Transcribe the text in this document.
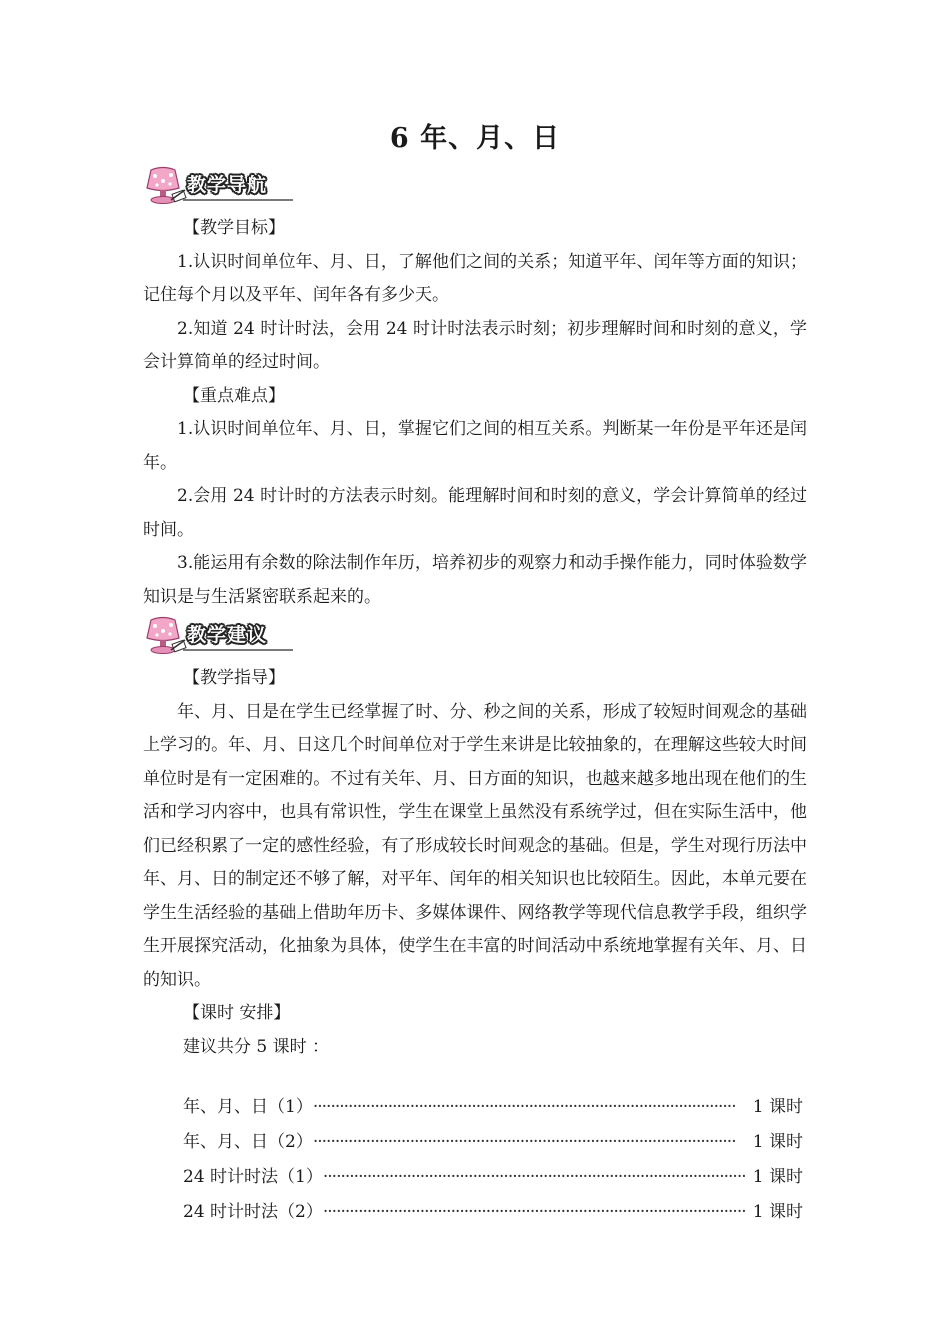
6 年、月、日
教学导航

【教学目标】

1.认识时间单位年、月、日，了解他们之间的关系；知道平年、闰年等方面的知识；记住每个月以及平年、闰年各有多少天。

2.知道 24 时计时法，会用 24 时计时法表示时刻；初步理解时间和时刻的意义，学会计算简单的经过时间。

【重点难点】

1.认识时间单位年、月、日，掌握它们之间的相互关系。判断某一年份是平年还是闰年。

2.会用 24 时计时的方法表示时刻。能理解时间和时刻的意义，学会计算简单的经过时间。

3.能运用有余数的除法制作年历，培养初步的观察力和动手操作能力，同时体验数学知识是与生活紧密联系起来的。

教学建议

【教学指导】

年、月、日是在学生已经掌握了时、分、秒之间的关系，形成了较短时间观念的基础上学习的。年、月、日这几个时间单位对于学生来讲是比较抽象的，在理解这些较大时间单位时是有一定困难的。不过有关年、月、日方面的知识，也越来越多地出现在他们的生活和学习内容中，也具有常识性，学生在课堂上虽然没有系统学过，但在实际生活中，他们已经积累了一定的感性经验，有了形成较长时间观念的基础。但是，学生对现行历法中年、月、日的制定还不够了解，对平年、闰年的相关知识也比较陌生。因此，本单元要在学生生活经验的基础上借助年历卡、多媒体课件、网络教学等现代信息教学手段，组织学生开展探究活动，化抽象为具体，使学生在丰富的时间活动中系统地掌握有关年、月、日的知识。

【课时 安排】

建议共分 5 课时 ：

年、月、日（1） ································································································	1 课时
年、月、日（2） ································································································	1 课时
24 时计时法（1） ································································································ 1 课时
24 时计时法（2） ································································································ 1 课时
